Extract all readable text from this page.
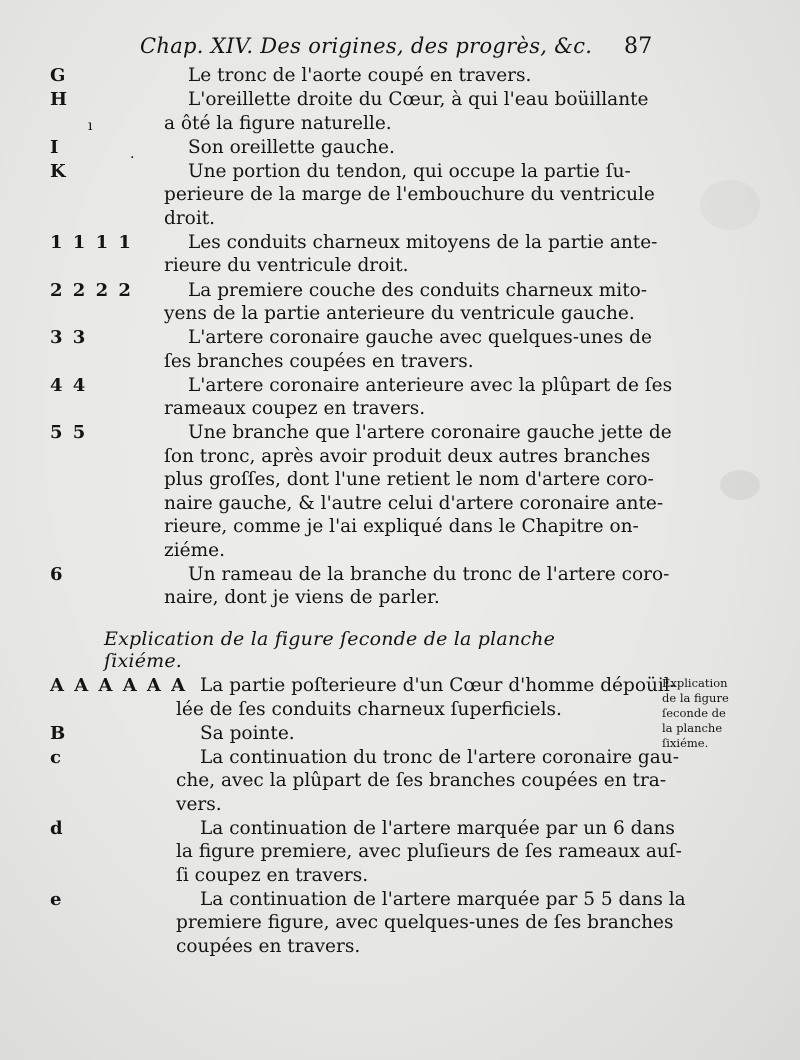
Chap. XIV. Des origines, des progrès, &c. 87
G	Le tronc de l'aorte coupé en travers.
H	L'oreillette droite du Cœur, à qui l'eau boüillante
a ôté la figure naturelle.
I	Son oreillette gauche.
K	Une portion du tendon, qui occupe la partie ſu-
perieure de la marge de l'embouchure du ventricule
droit.
1 1 1 1	Les conduits charneux mitoyens de la partie ante-
rieure du ventricule droit.
2 2 2 2	La premiere couche des conduits charneux mito-
yens de la partie anterieure du ventricule gauche.
3 3	L'artere coronaire gauche avec quelques-unes de
ſes branches coupées en travers.
4 4	L'artere coronaire anterieure avec la plûpart de ſes
rameaux coupez en travers.
5 5	Une branche que l'artere coronaire gauche jette de
ſon tronc, après avoir produit deux autres branches
plus groſſes, dont l'une retient le nom d'artere coro-
naire gauche, & l'autre celui d'artere coronaire ante-
rieure, comme je l'ai expliqué dans le Chapitre on-
ziéme.
6	Un rameau de la branche du tronc de l'artere coro-
naire, dont je viens de parler.
Explication de la figure ſeconde de la planche ſixiéme.
Explication
de la figure
ſeconde de
la planche
ſixiéme.
A A A A A A La partie poſterieure d'un Cœur d'homme dépoüil-
lée de ſes conduits charneux ſuperficiels.
B	Sa pointe.
c	La continuation du tronc de l'artere coronaire gau-
che, avec la plûpart de ſes branches coupées en tra-
vers.
d	La continuation de l'artere marquée par un 6 dans
la figure premiere, avec pluſieurs de ſes rameaux auſ-
ſi coupez en travers.
e	La continuation de l'artere marquée par 5 5 dans la
premiere figure, avec quelques-unes de ſes branches
coupées en travers.
ı
.
